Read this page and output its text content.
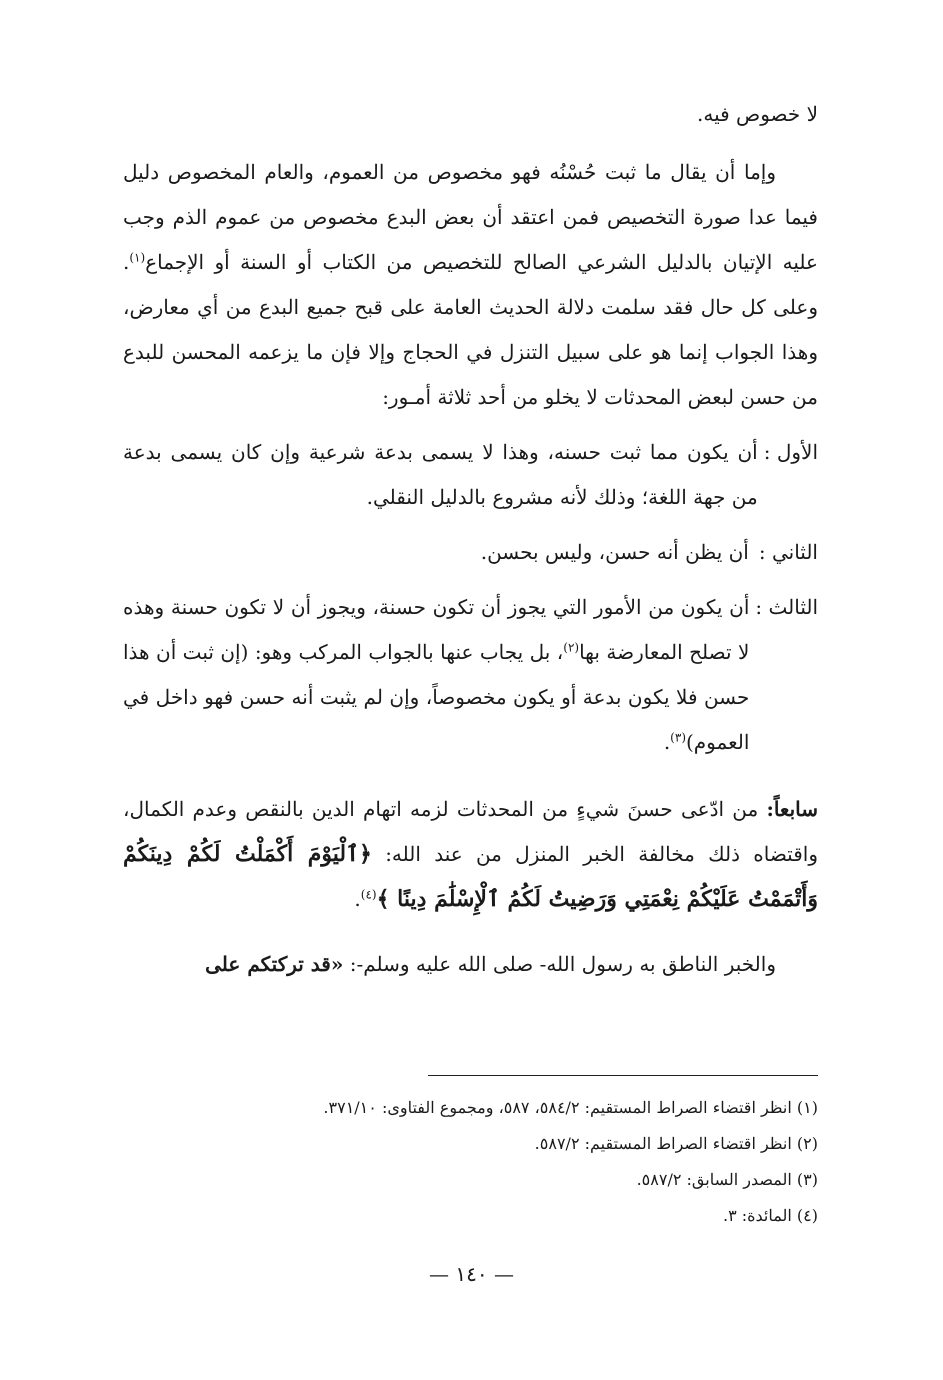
لا خصوص فيه.

وإما أن يقال ما ثبت حُسْنُه فهو مخصوص من العموم، والعام المخصوص دليل فيما عدا صورة التخصيص فمن اعتقد أن بعض البدع مخصوص من عموم الذم وجب عليه الإتيان بالدليل الشرعي الصالح للتخصيص من الكتاب أو السنة أو الإجماع$^{(١)}$. وعلى كل حال فقد سلمت دلالة الحديث العامة على قبح جميع البدع من أي معارض، وهذا الجواب إنما هو على سبيل التنزل في الحجاج وإلا فإن ما يزعمه المحسن للبدع من حسن لبعض المحدثات لا يخلو من أحد ثلاثة أمـور:

الأول :
أن يكون مما ثبت حسنه، وهذا لا يسمى بدعة شرعية وإن كان يسمى بدعة من جهة اللغة؛ وذلك لأنه مشروع بالدليل النقلي.
الثاني :
أن يظن أنه حسن، وليس بحسن.
الثالث :
أن يكون من الأمور التي يجوز أن تكون حسنة، ويجوز أن لا تكون حسنة وهذه لا تصلح المعارضة بها$^{(٢)}$، بل يجاب عنها بالجواب المركب وهو: (إن ثبت أن هذا حسن فلا يكون بدعة أو يكون مخصوصاً، وإن لم يثبت أنه حسن فهو داخل في العموم)$^{(٣)}$.

سابعاً: من ادّعى حسنَ شيءٍ من المحدثات لزمه اتهام الدين بالنقص وعدم الكمال، واقتضاه ذلك مخالفة الخبر المنزل من عند الله: ﴿ٱلْيَوْمَ أَكْمَلْتُ لَكُمْ دِينَكُمْ وَأَتْمَمْتُ عَلَيْكُمْ نِعْمَتِي وَرَضِيتُ لَكُمُ ٱلْإِسْلَٰمَ دِينًا ﴾$^{(٤)}$.

والخبر الناطق به رسول الله- صلى الله عليه وسلم-: «قد تركتكم على

(١) انظر اقتضاء الصراط المستقيم: ٥٨٤/٢، ٥٨٧، ومجموع الفتاوى: ٣٧١/١٠.

(٢) انظر اقتضاء الصراط المستقيم: ٥٨٧/٢.

(٣) المصدر السابق: ٥٨٧/٢.

(٤) المائدة: ٣.

— ١٤٠ —
